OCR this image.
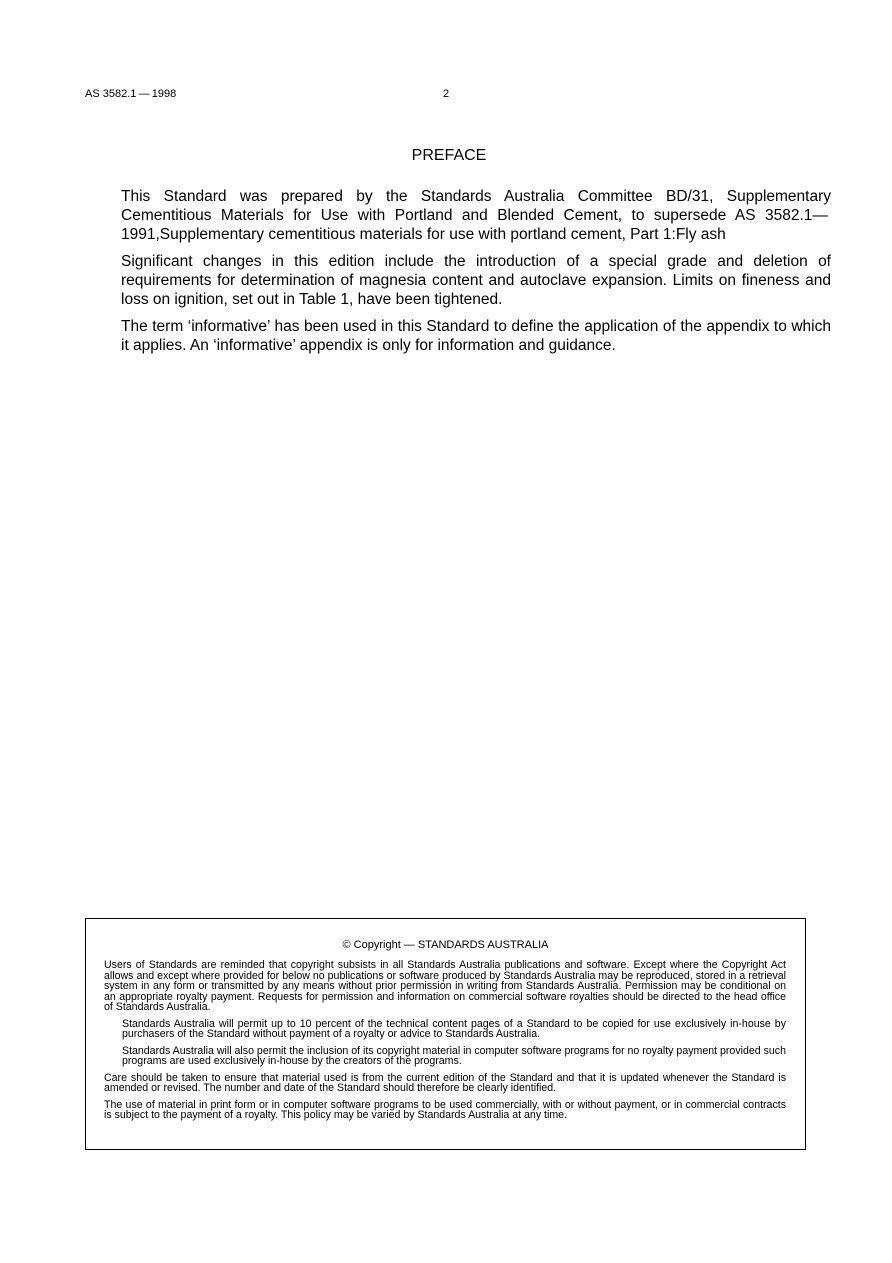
AS 3582.1 — 1998	2
PREFACE

This Standard was prepared by the Standards Australia Committee BD/31, Supplementary Cementitious Materials for Use with Portland and Blended Cement, to supersede AS 3582.1— 1991,Supplementary cementitious materials for use with portland cement, Part 1:Fly ash

Significant changes in this edition include the introduction of a special grade and deletion of requirements for determination of magnesia content and autoclave expansion. Limits on fineness and loss on ignition, set out in Table 1, have been tightened.

The term ‘informative’ has been used in this Standard to define the application of the appendix to which it applies. An ‘informative’ appendix is only for information and guidance.

© Copyright — STANDARDS AUSTRALIA

Users of Standards are reminded that copyright subsists in all Standards Australia publications and software. Except where the Copyright Act allows and except where provided for below no publications or software produced by Standards Australia may be reproduced, stored in a retrieval system in any form or transmitted by any means without prior permission in writing from Standards Australia. Permission may be conditional on an appropriate royalty payment. Requests for permission and information on commercial software royalties should be directed to the head office of Standards Australia.

Standards Australia will permit up to 10 percent of the technical content pages of a Standard to be copied for use exclusively in-house by purchasers of the Standard without payment of a royalty or advice to Standards Australia.

Standards Australia will also permit the inclusion of its copyright material in computer software programs for no royalty payment provided such programs are used exclusively in-house by the creators of the programs.

Care should be taken to ensure that material used is from the current edition of the Standard and that it is updated whenever the Standard is amended or revised. The number and date of the Standard should therefore be clearly identified.

The use of material in print form or in computer software programs to be used commercially, with or without payment, or in commercial contracts is subject to the payment of a royalty. This policy may be varied by Standards Australia at any time.
